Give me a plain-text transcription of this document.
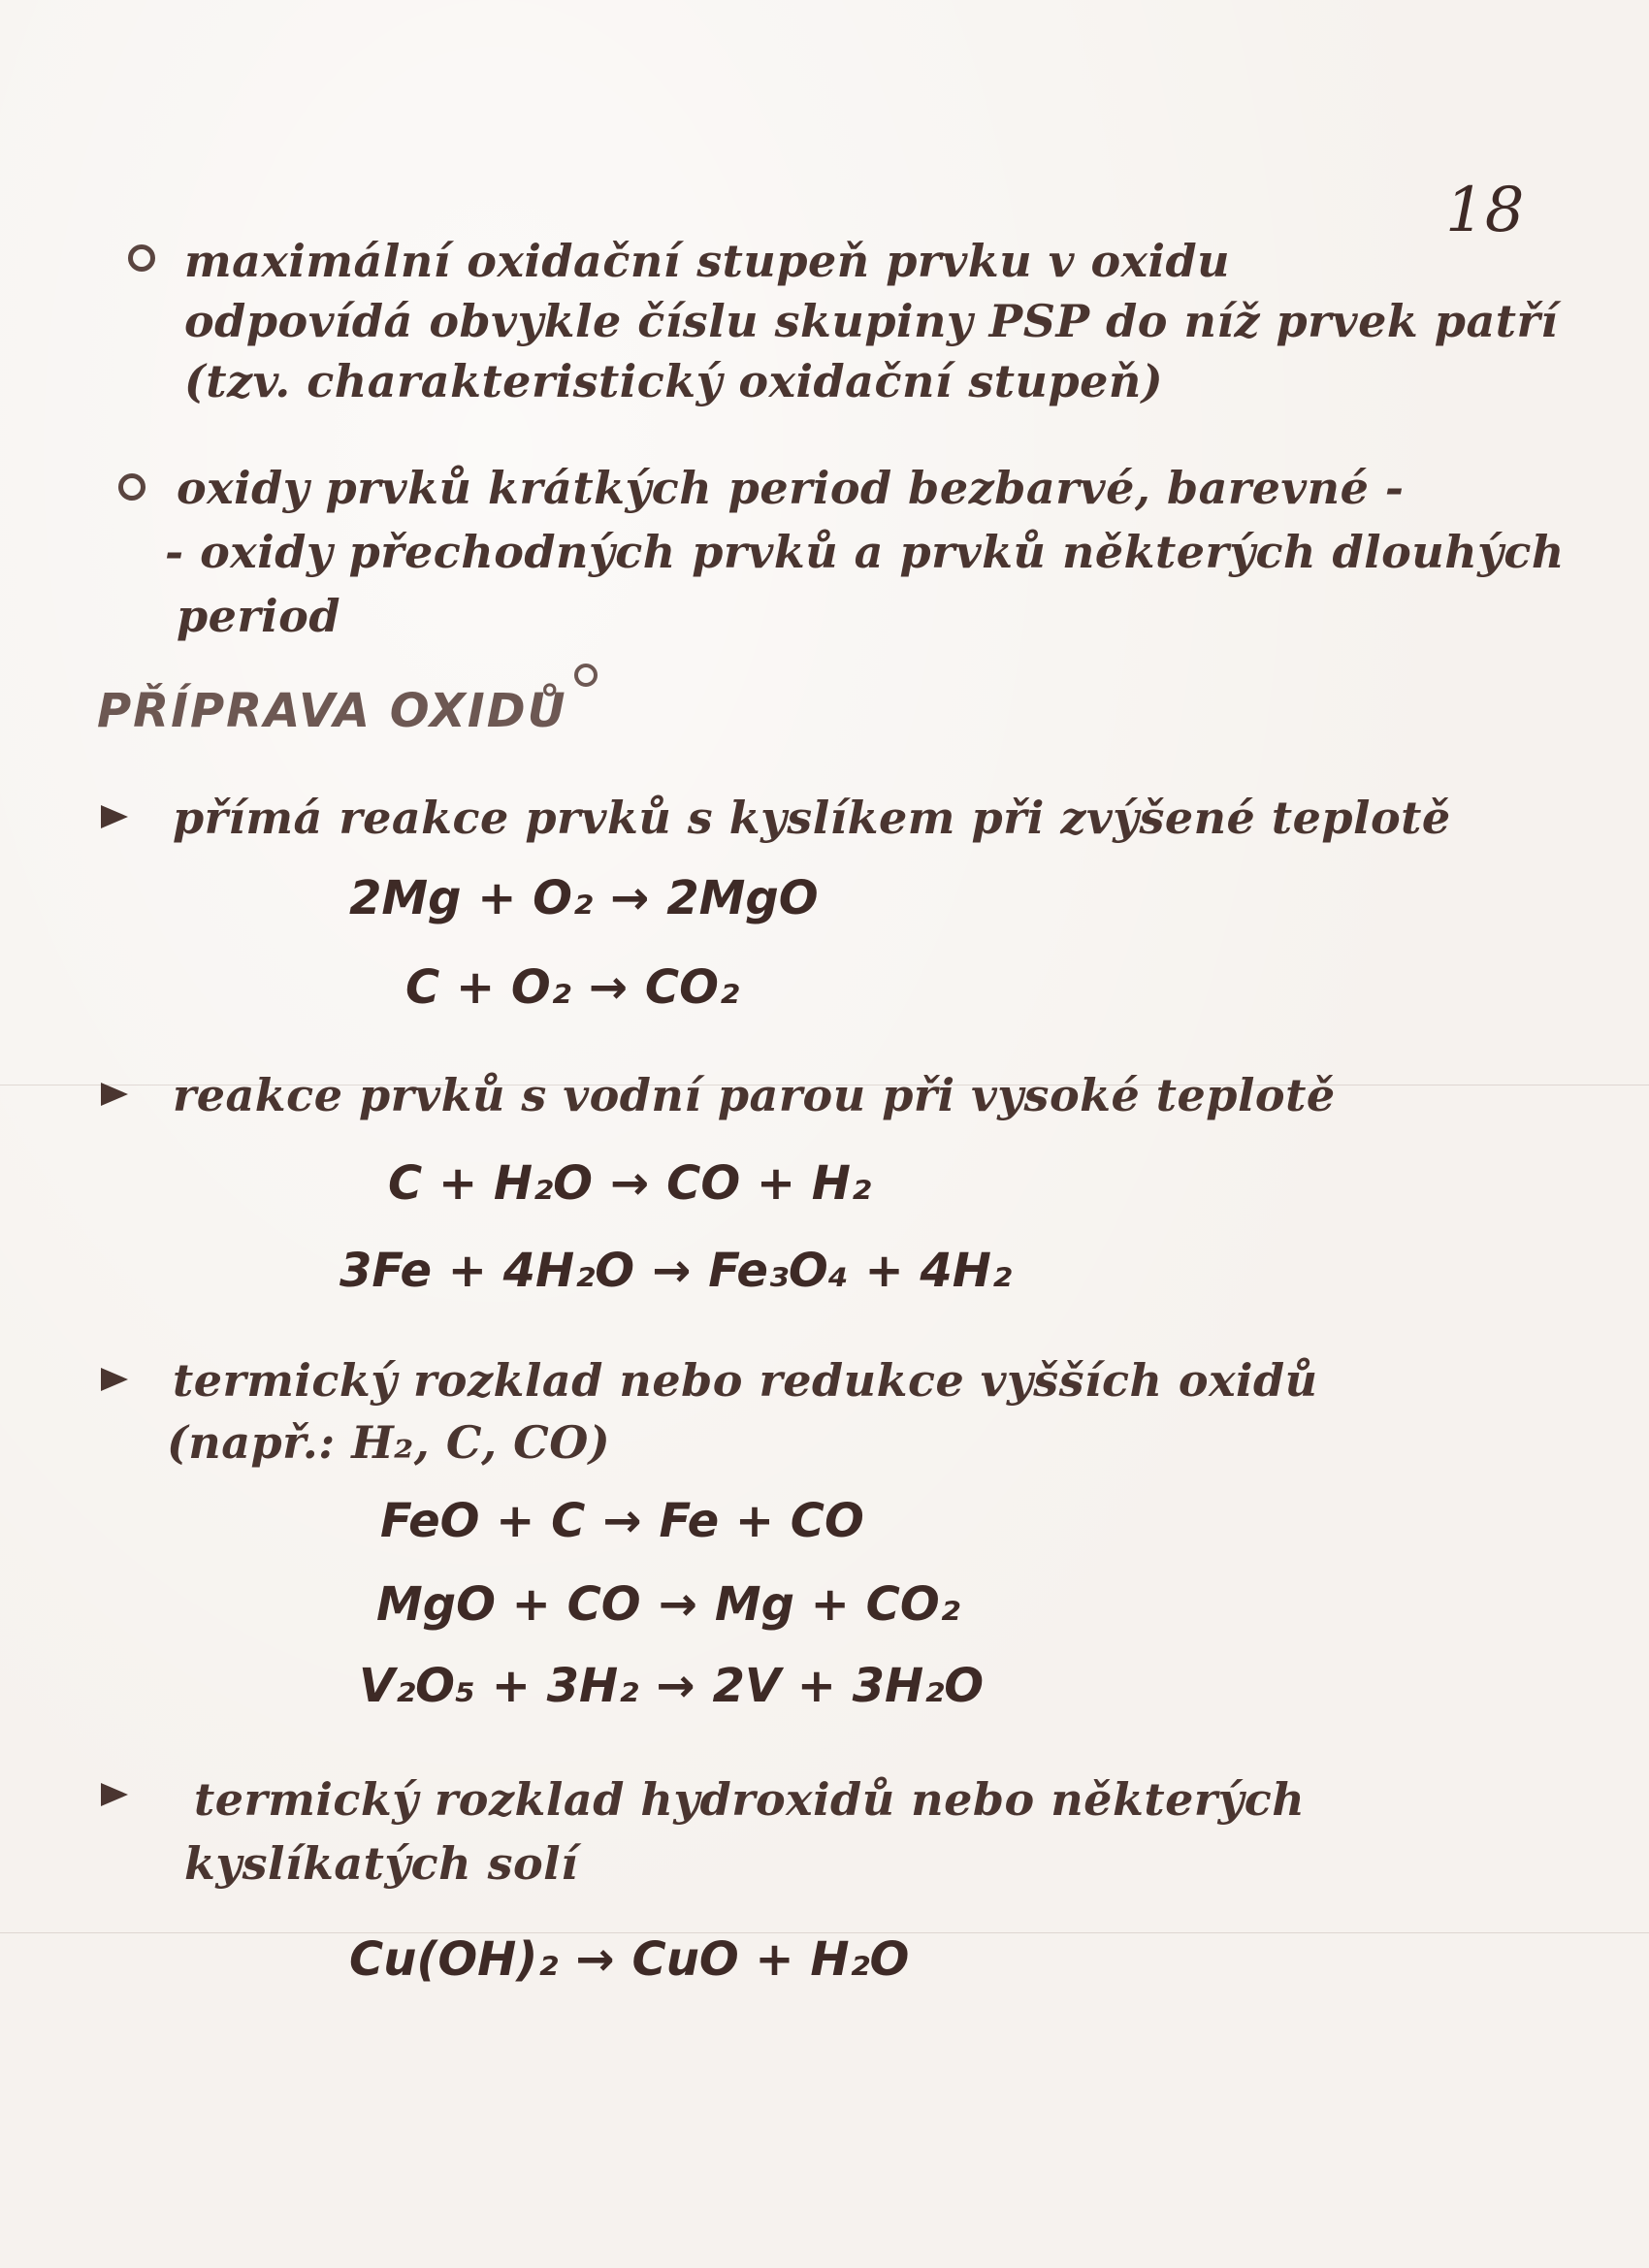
18
maximální oxidační stupeň prvku v oxidu
odpovídá obvykle číslu skupiny PSP do níž prvek patří
(tzv. charakteristický oxidační stupeň)
oxidy prvků krátkých period bezbarvé, barevné -
- oxidy přechodných prvků a prvků některých dlouhých
period
PŘÍPRAVA OXIDŮ
přímá reakce prvků s kyslíkem při zvýšené teplotě
2Mg + O₂ → 2MgO
C + O₂ → CO₂
reakce prvků s vodní parou při vysoké teplotě
C + H₂O → CO + H₂
3Fe + 4H₂O → Fe₃O₄ + 4H₂
termický rozklad nebo redukce vyšších oxidů
(např.: H₂, C, CO)
FeO + C → Fe + CO
MgO + CO → Mg + CO₂
V₂O₅ + 3H₂ → 2V + 3H₂O
termický rozklad hydroxidů nebo některých
kyslíkatých solí
Cu(OH)₂ → CuO + H₂O
